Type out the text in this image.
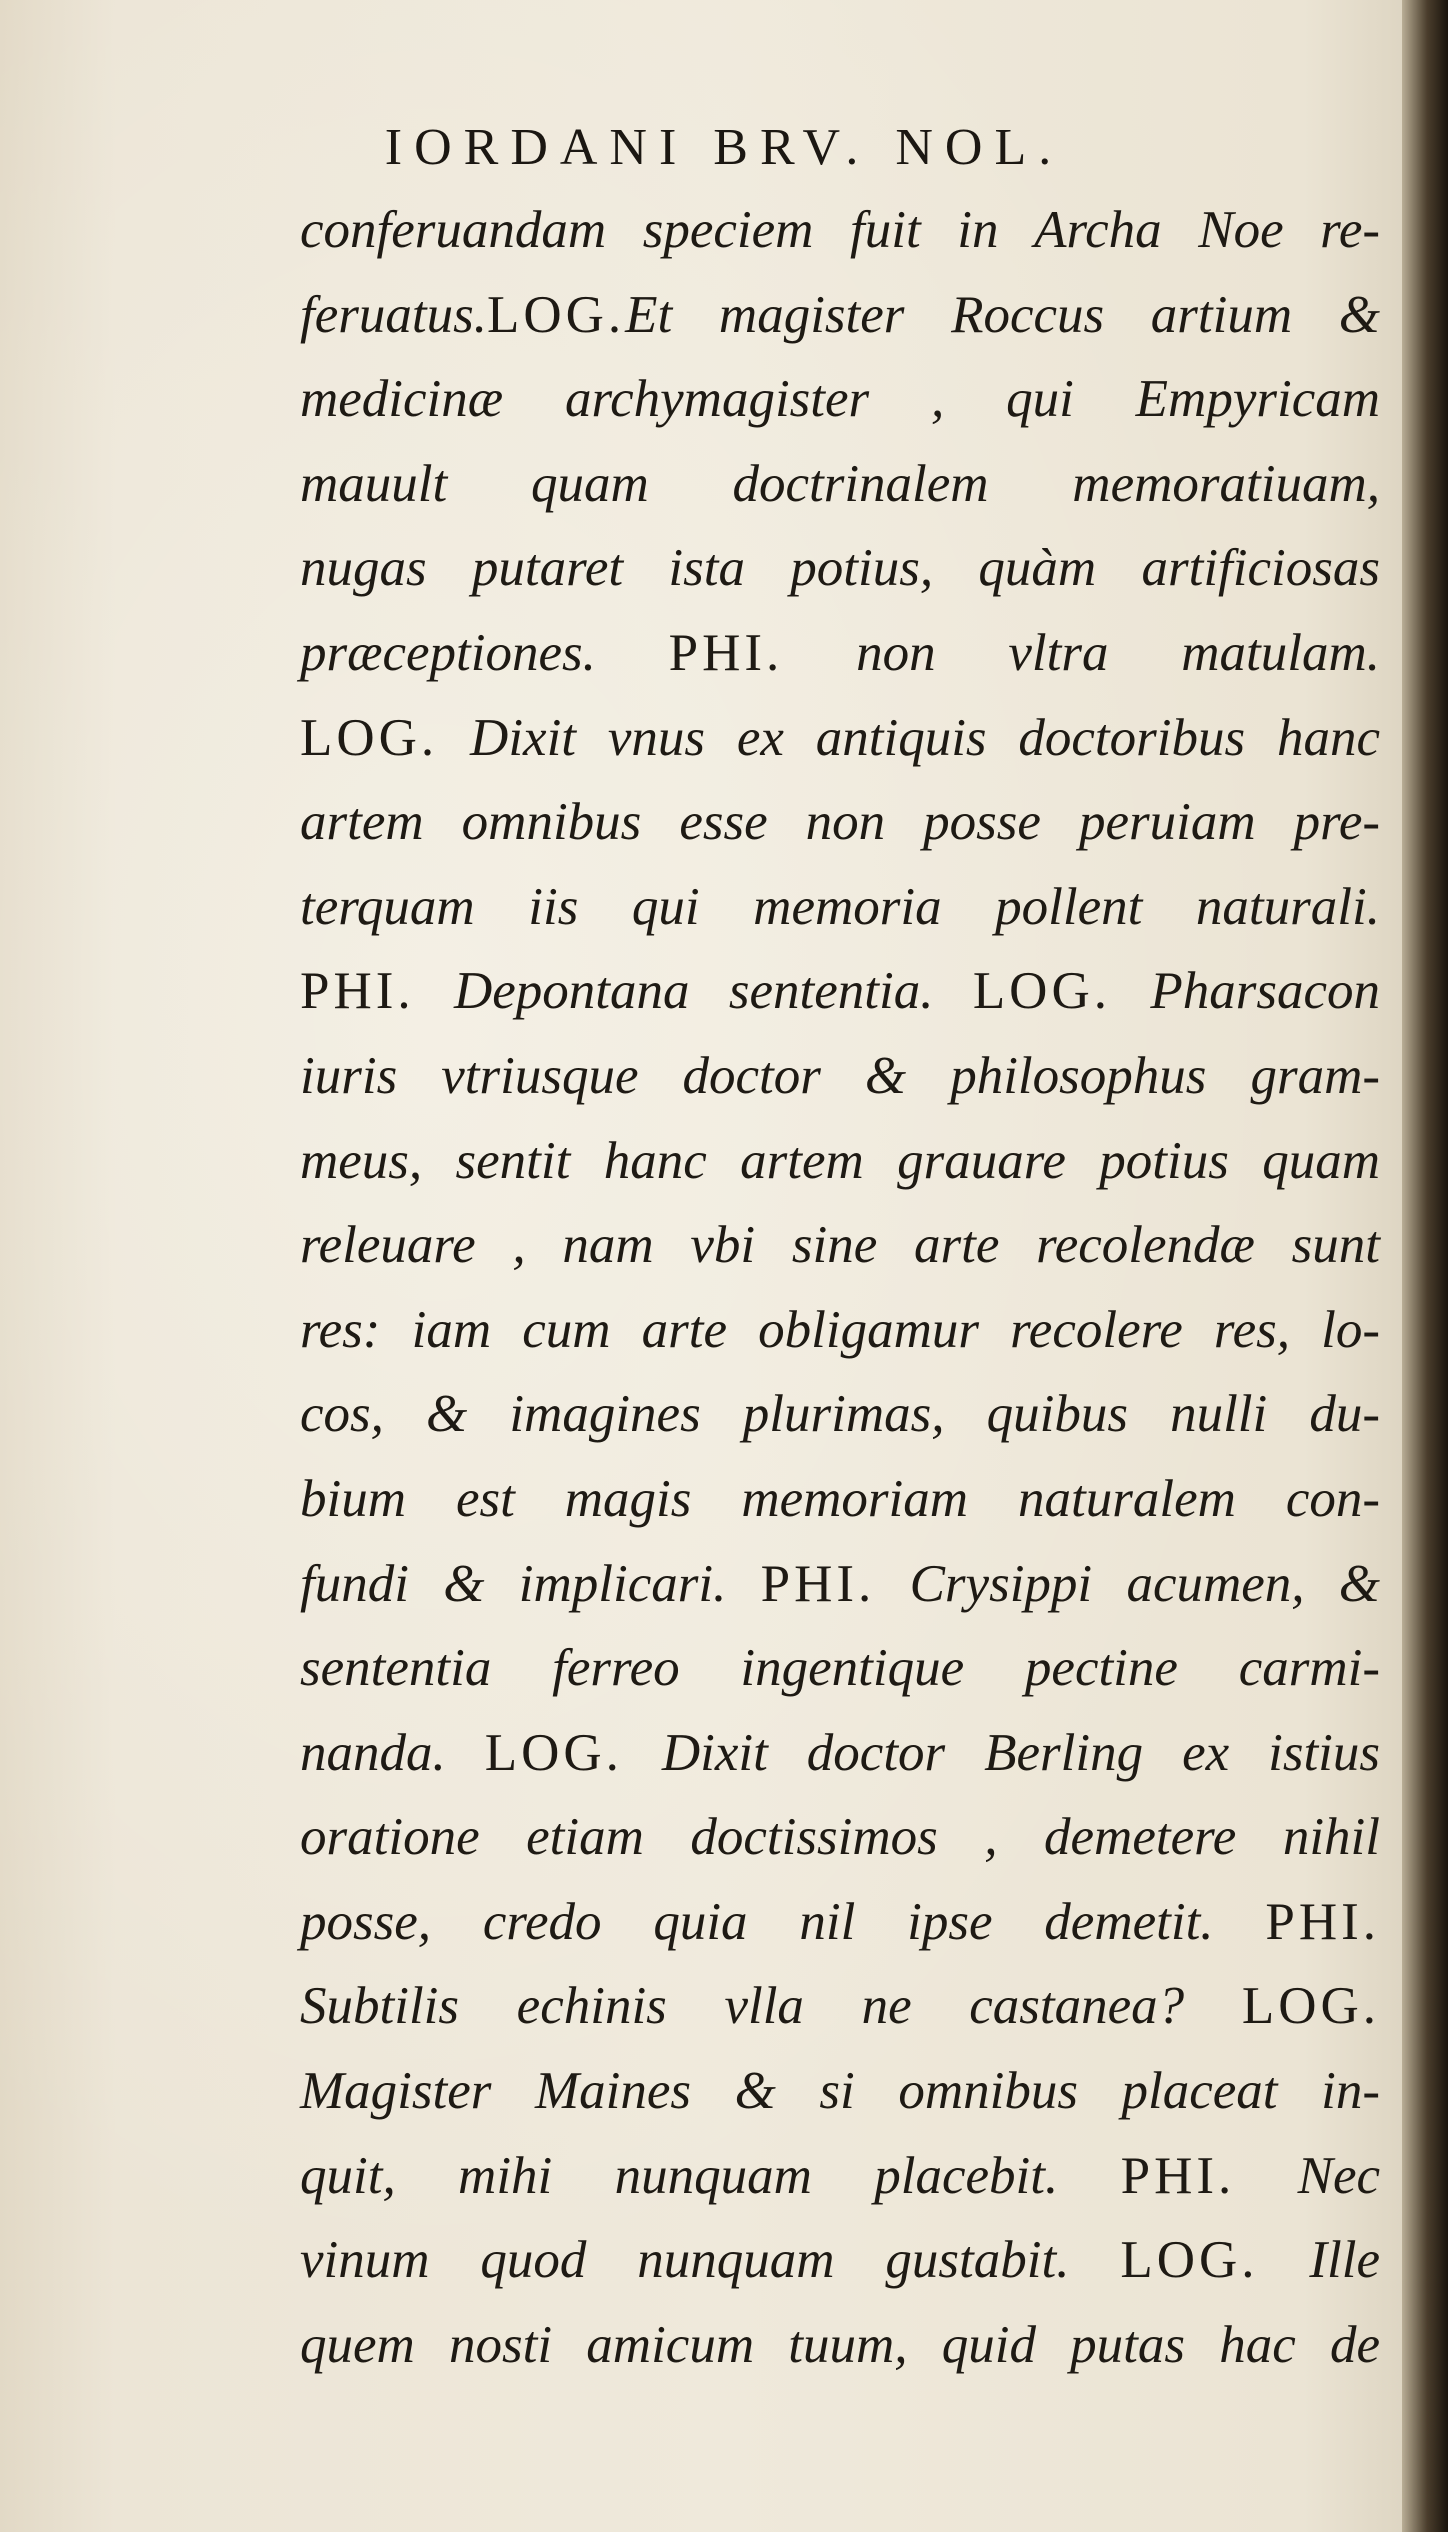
IORDANI BRV. NOL.
conferuandam speciem fuit in Archa Noe re-
feruatus.LOG.Et magister Roccus artium &
medicinæ archymagister , qui Empyricam
mauult quam doctrinalem memoratiuam,
nugas putaret ista potius, quàm artificiosas
præceptiones. PHI. non vltra matulam.
LOG. Dixit vnus ex antiquis doctoribus hanc
artem omnibus esse non posse peruiam pre-
terquam iis qui memoria pollent naturali.
PHI. Depontana sententia. LOG. Pharsacon
iuris vtriusque doctor & philosophus gram-
meus, sentit hanc artem grauare potius quam
releuare , nam vbi sine arte recolendæ sunt
res: iam cum arte obligamur recolere res, lo-
cos, & imagines plurimas, quibus nulli du-
bium est magis memoriam naturalem con-
fundi & implicari. PHI. Crysippi acumen, &
sententia ferreo ingentique pectine carmi-
nanda. LOG. Dixit doctor Berling ex istius
oratione etiam doctissimos , demetere nihil
posse, credo quia nil ipse demetit. PHI.
Subtilis echinis vlla ne castanea? LOG.
Magister Maines & si omnibus placeat in-
quit, mihi nunquam placebit. PHI. Nec
vinum quod nunquam gustabit. LOG. Ille
quem nosti amicum tuum, quid putas hac de
